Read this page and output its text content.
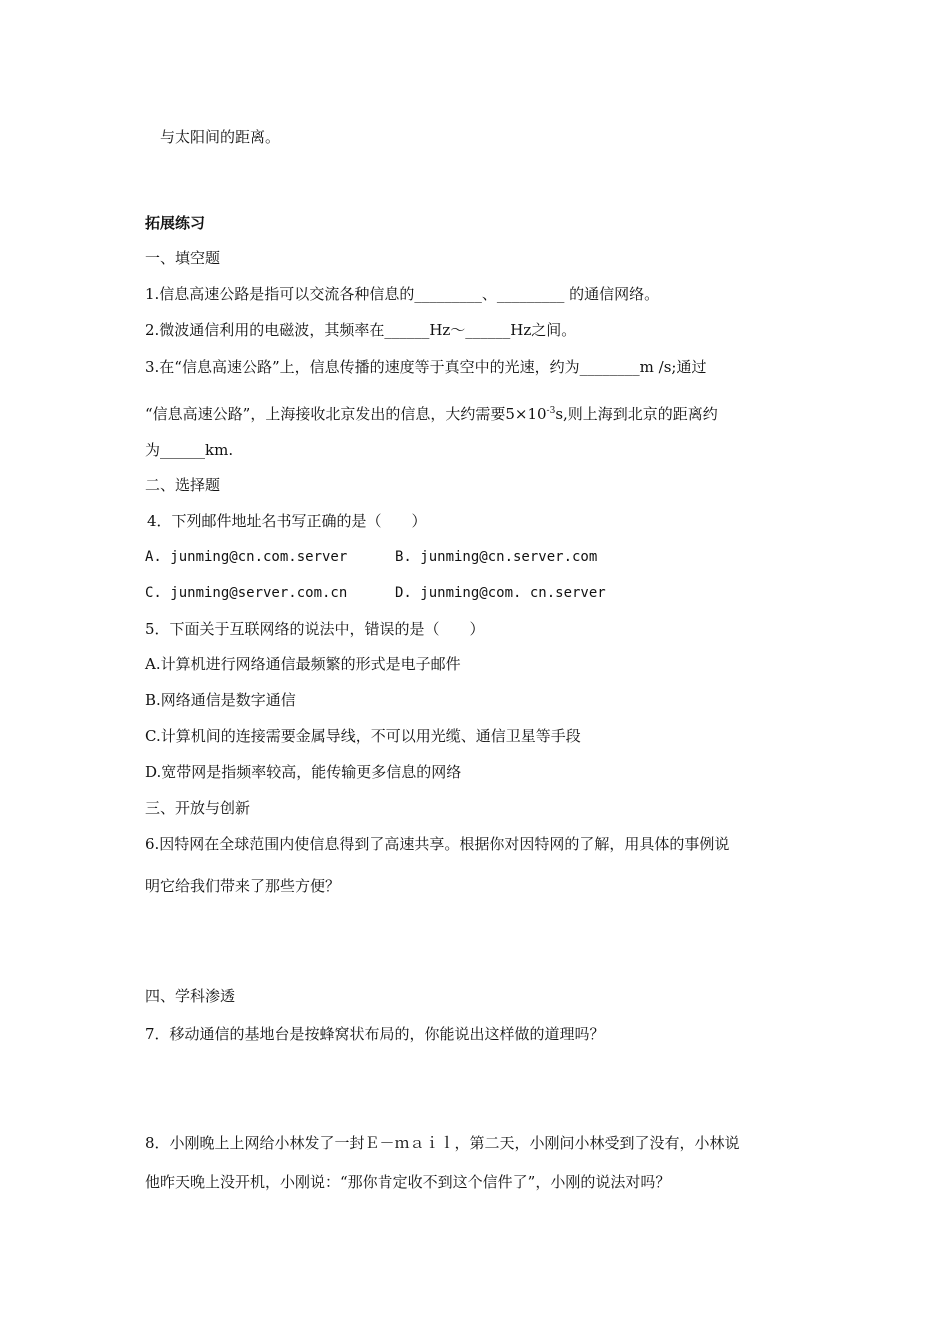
与太阳间的距离。
拓展练习
一、填空题
1.信息高速公路是指可以交流各种信息的_________、_________ 的通信网络。
2.微波通信利用的电磁波，其频率在______Hz～______Hz之间。
3.在“信息高速公路”上，信息传播的速度等于真空中的光速，约为________m /s;通过
“信息高速公路”，上海接收北京发出的信息，大约需要$5\times 10^{-3}s$,则上海到北京的距离约
为______km.
二、选择题
4．下列邮件地址名书写正确的是（　　）
A. junming@cn.com.server	B. junming@cn.server.com
C. junming@server.com.cn	D. junming@com. cn.server
5．下面关于互联网络的说法中，错误的是（　　）
A.计算机进行网络通信最频繁的形式是电子邮件
B.网络通信是数字通信
C.计算机间的连接需要金属导线，不可以用光缆、通信卫星等手段
D.宽带网是指频率较高，能传输更多信息的网络
三、开放与创新
6.因特网在全球范围内使信息得到了高速共享。根据你对因特网的了解，用具体的事例说
明它给我们带来了那些方便？
四、学科渗透
7．移动通信的基地台是按蜂窝状布局的，你能说出这样做的道理吗？
8．小刚晚上上网给小林发了一封Ｅ－ｍａｉｌ，第二天，小刚问小林受到了没有，小林说
他昨天晚上没开机，小刚说：“那你肯定收不到这个信件了”，小刚的说法对吗？
